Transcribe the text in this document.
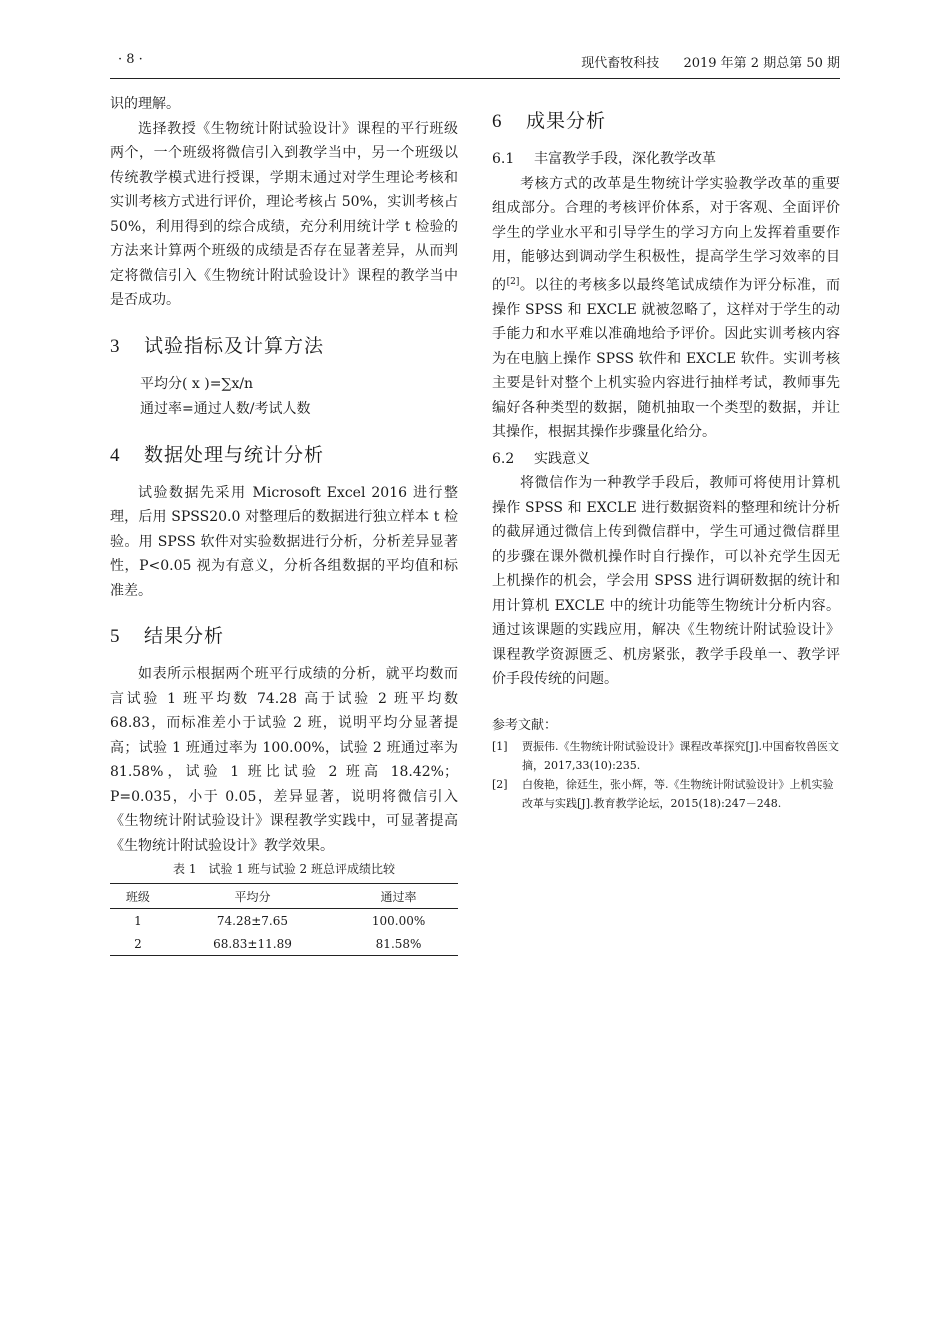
· 8 ·	现代畜牧科技 2019 年第 2 期总第 50 期

识的理解。

选择教授《生物统计附试验设计》课程的平行班级两个，一个班级将微信引入到教学当中，另一个班级以传统教学模式进行授课，学期末通过对学生理论考核和实训考核方式进行评价，理论考核占 50%，实训考核占 50%，利用得到的综合成绩，充分利用统计学 t 检验的方法来计算两个班级的成绩是否存在显著差异，从而判定将微信引入《生物统计附试验设计》课程的教学当中是否成功。

3 试验指标及计算方法
平均分( x )=∑x/n
通过率=通过人数/考试人数
4 数据处理与统计分析

试验数据先采用 Microsoft Excel 2016 进行整理，后用 SPSS20.0 对整理后的数据进行独立样本 t 检验。用 SPSS 软件对实验数据进行分析，分析差异显著性，P<0.05 视为有意义，分析各组数据的平均值和标准差。

5 结果分析

如表所示根据两个班平行成绩的分析，就平均数而言试验 1 班平均数 74.28 高于试验 2 班平均数 68.83，而标准差小于试验 2 班，说明平均分显著提高；试验 1 班通过率为 100.00%，试验 2 班通过率为 81.58%，试验 1 班比试验 2 班高 18.42%；P=0.035，小于 0.05，差异显著，说明将微信引入《生物统计附试验设计》课程教学实践中，可显著提高《生物统计附试验设计》教学效果。

表 1　试验 1 班与试验 2 班总评成绩比较
班级	平均分	通过率
1	74.28±7.65	100.00%
2	68.83±11.89	81.58%
6 成果分析
6.1 丰富教学手段，深化教学改革

考核方式的改革是生物统计学实验教学改革的重要组成部分。合理的考核评价体系，对于客观、全面评价学生的学业水平和引导学生的学习方向上发挥着重要作用，能够达到调动学生积极性，提高学生学习效率的目的[2]。以往的考核多以最终笔试成绩作为评分标准，而操作 SPSS 和 EXCLE 就被忽略了，这样对于学生的动手能力和水平难以准确地给予评价。因此实训考核内容为在电脑上操作 SPSS 软件和 EXCLE 软件。实训考核主要是针对整个上机实验内容进行抽样考试，教师事先编好各种类型的数据，随机抽取一个类型的数据，并让其操作，根据其操作步骤量化给分。

6.2 实践意义

将微信作为一种教学手段后，教师可将使用计算机操作 SPSS 和 EXCLE 进行数据资料的整理和统计分析的截屏通过微信上传到微信群中，学生可通过微信群里的步骤在课外微机操作时自行操作，可以补充学生因无上机操作的机会，学会用 SPSS 进行调研数据的统计和用计算机 EXCLE 中的统计功能等生物统计分析内容。通过该课题的实践应用，解决《生物统计附试验设计》课程教学资源匮乏、机房紧张，教学手段单一、教学评价手段传统的问题。

参考文献：
[1] 贾振伟.《生物统计附试验设计》课程改革探究[J].中国畜牧兽医文摘，2017,33(10):235.
[2] 白俊艳，徐廷生，张小辉，等.《生物统计附试验设计》上机实验改革与实践[J].教育教学论坛，2015(18):247－248.
